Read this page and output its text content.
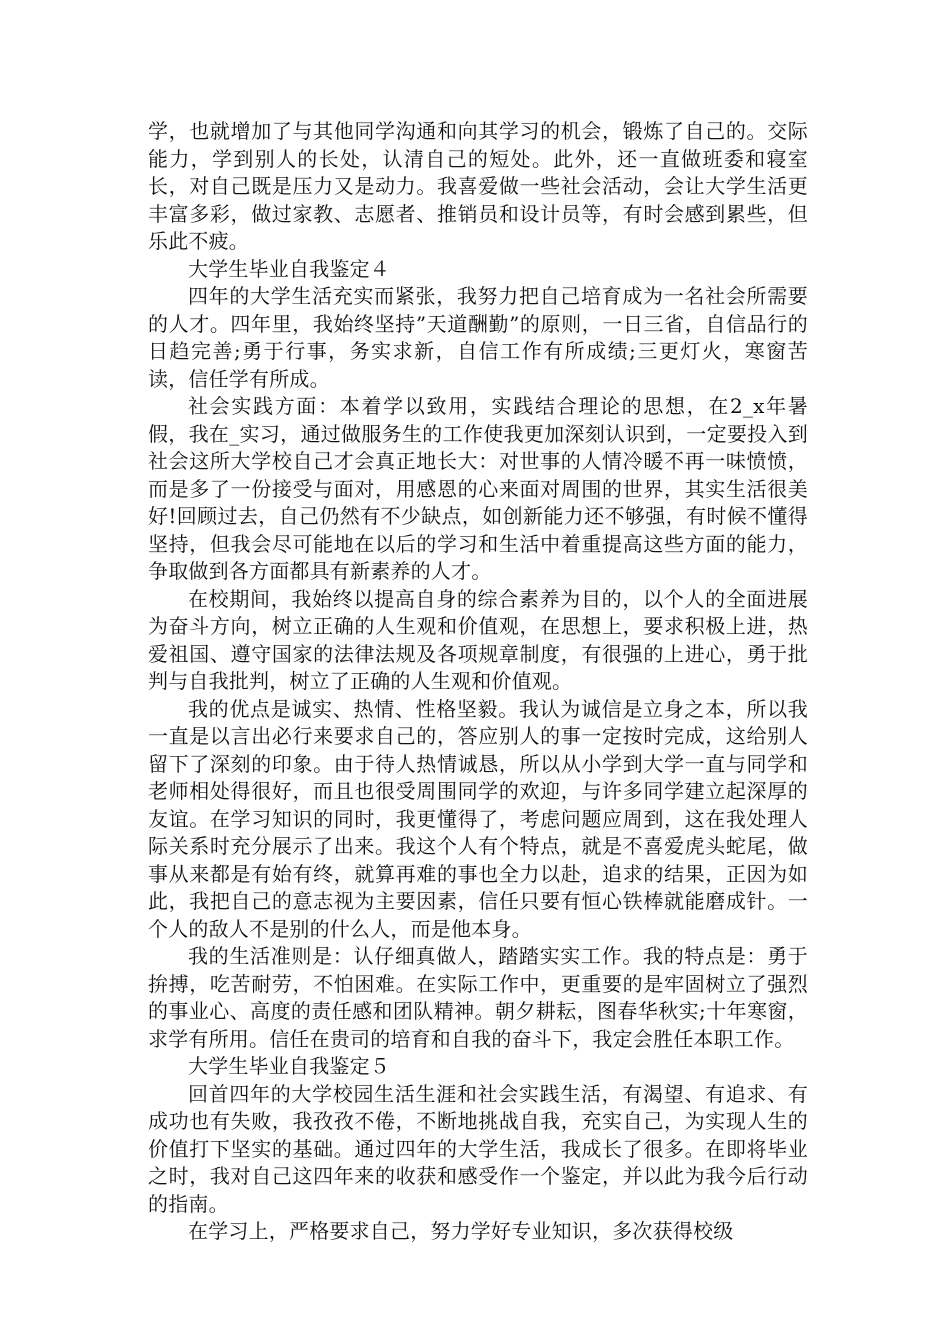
学，也就增加了与其他同学沟通和向其学习的机会，锻炼了自己的。交际能力，学到别人的长处，认清自己的短处。此外，还一直做班委和寝室长，对自己既是压力又是动力。我喜爱做一些社会活动，会让大学生活更丰富多彩，做过家教、志愿者、推销员和设计员等，有时会感到累些，但乐此不疲。

大学生毕业自我鉴定４

四年的大学生活充实而紧张，我努力把自己培育成为一名社会所需要的人才。四年里，我始终坚持”天道酬勤”的原则，一日三省，自信品行的日趋完善;勇于行事，务实求新，自信工作有所成绩;三更灯火，寒窗苦读，信任学有所成。

社会实践方面：本着学以致用，实践结合理论的思想，在2_x年暑假，我在_实习，通过做服务生的工作使我更加深刻认识到，一定要投入到社会这所大学校自己才会真正地长大：对世事的人情冷暖不再一味愤愤，而是多了一份接受与面对，用感恩的心来面对周围的世界，其实生活很美好!回顾过去，自己仍然有不少缺点，如创新能力还不够强，有时候不懂得坚持，但我会尽可能地在以后的学习和生活中着重提高这些方面的能力，争取做到各方面都具有新素养的人才。

在校期间，我始终以提高自身的综合素养为目的，以个人的全面进展为奋斗方向，树立正确的人生观和价值观，在思想上，要求积极上进，热爱祖国、遵守国家的法律法规及各项规章制度，有很强的上进心，勇于批判与自我批判，树立了正确的人生观和价值观。

我的优点是诚实、热情、性格坚毅。我认为诚信是立身之本，所以我一直是以言出必行来要求自己的，答应别人的事一定按时完成，这给别人留下了深刻的印象。由于待人热情诚恳，所以从小学到大学一直与同学和老师相处得很好，而且也很受周围同学的欢迎，与许多同学建立起深厚的友谊。在学习知识的同时，我更懂得了，考虑问题应周到，这在我处理人际关系时充分展示了出来。我这个人有个特点，就是不喜爱虎头蛇尾，做事从来都是有始有终，就算再难的事也全力以赴，追求的结果，正因为如此，我把自己的意志视为主要因素，信任只要有恒心铁棒就能磨成针。一个人的敌人不是别的什么人，而是他本身。

我的生活准则是：认仔细真做人，踏踏实实工作。我的特点是：勇于拚搏，吃苦耐劳，不怕困难。在实际工作中，更重要的是牢固树立了强烈的事业心、高度的责任感和团队精神。朝夕耕耘，图春华秋实;十年寒窗，求学有所用。信任在贵司的培育和自我的奋斗下，我定会胜任本职工作。

大学生毕业自我鉴定５

回首四年的大学校园生活生涯和社会实践生活，有渴望、有追求、有成功也有失败，我孜孜不倦，不断地挑战自我，充实自己，为实现人生的价值打下坚实的基础。通过四年的大学生活，我成长了很多。在即将毕业之时，我对自己这四年来的收获和感受作一个鉴定，并以此为我今后行动的指南。

在学习上，严格要求自己，努力学好专业知识，多次获得校级
